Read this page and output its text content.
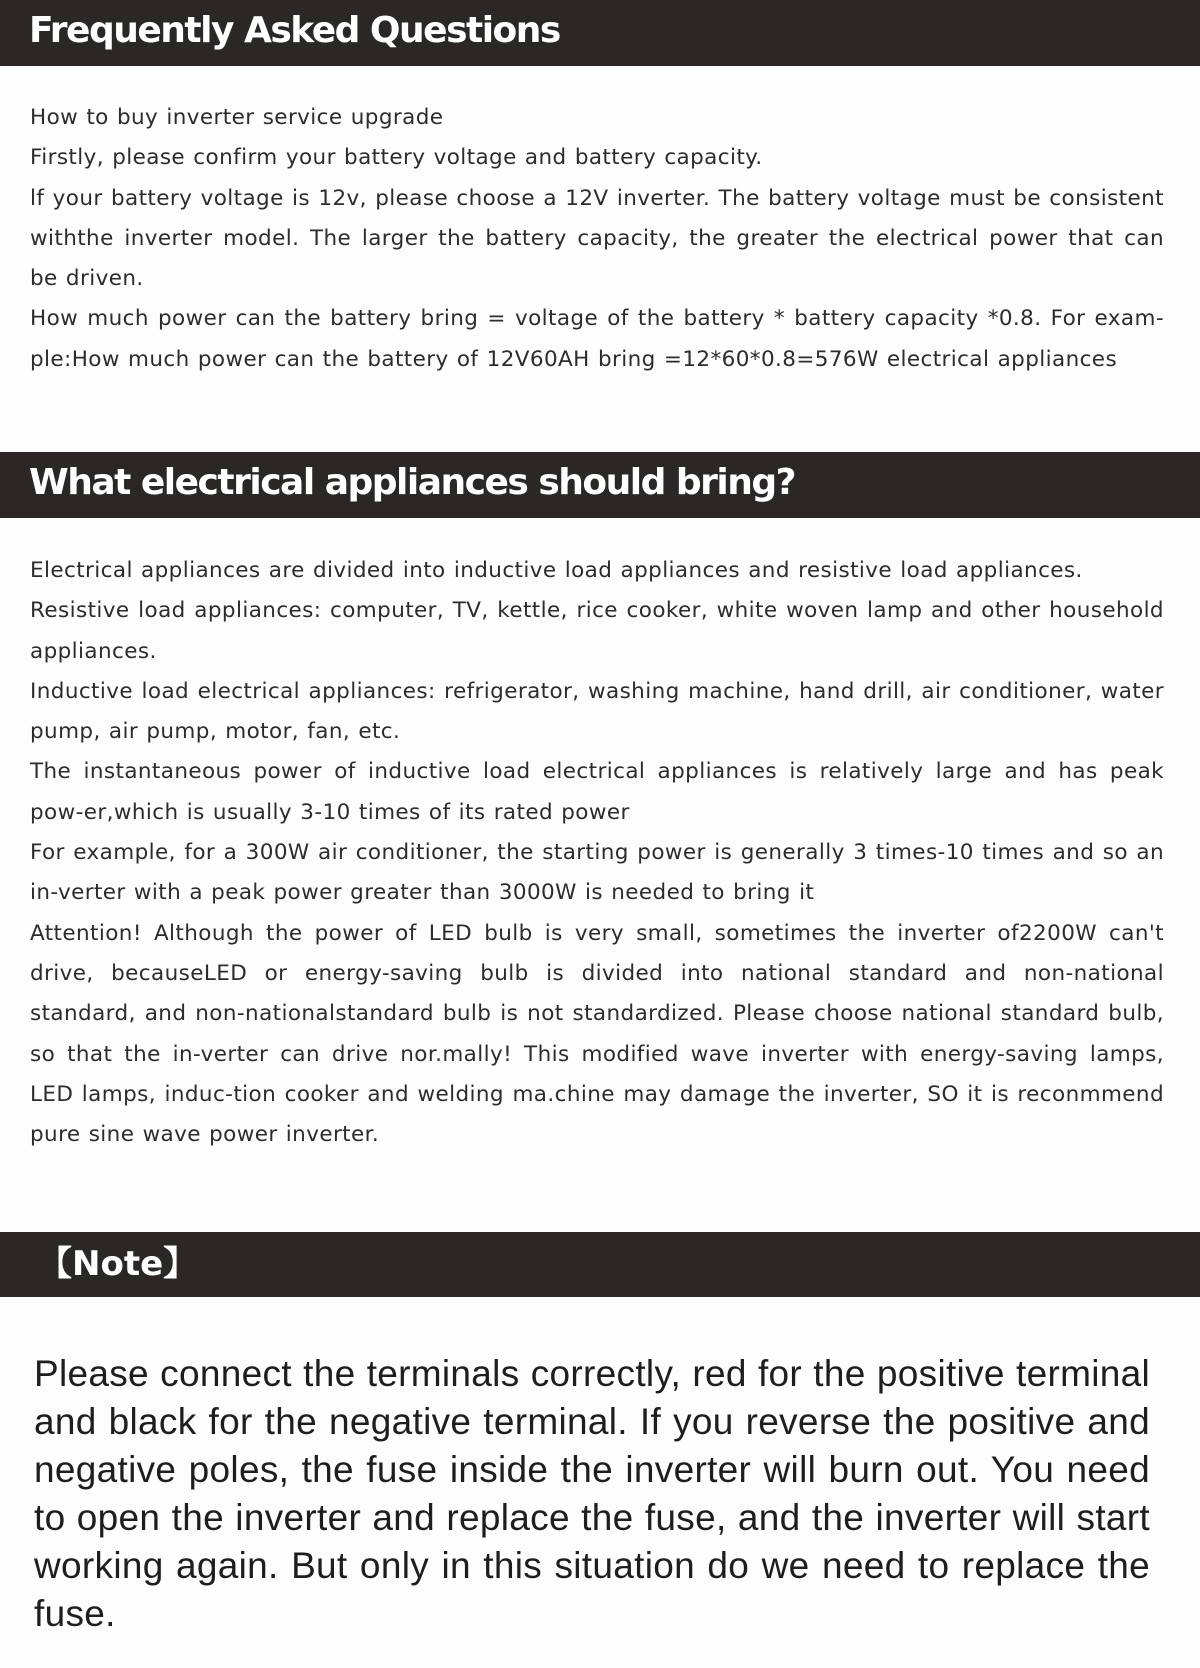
Frequently Asked Questions

How to buy inverter service upgrade

Firstly, please confirm your battery voltage and battery capacity.

lf your battery voltage is 12v, please choose a 12V inverter. The battery voltage must be consistent withthe inverter model. The larger the battery capacity, the greater the electrical power that can be driven.

How much power can the battery bring = voltage of the battery * battery capacity *0.8. For exam-ple:How much power can the battery of 12V60AH bring =12*60*0.8=576W electrical appliances

What electrical appliances should bring?

Electrical appliances are divided into inductive load appliances and resistive load appliances.

Resistive load appliances: computer, TV, kettle, rice cooker, white woven lamp and other household appliances.

Inductive load electrical appliances: refrigerator, washing machine, hand drill, air conditioner, water pump, air pump, motor, fan, etc.

The instantaneous power of inductive load electrical appliances is relatively large and has peak pow-er,which is usually 3-10 times of its rated power

For example, for a 300W air conditioner, the starting power is generally 3 times-10 times and so an in-verter with a peak power greater than 3000W is needed to bring it

Attention! Although the power of LED bulb is very small, sometimes the inverter of2200W can't drive, becauseLED or energy-saving bulb is divided into national standard and non-national standard, and non-nationalstandard bulb is not standardized. Please choose national standard bulb, so that the in-verter can drive nor.mally! This modified wave inverter with energy-saving lamps, LED lamps, induc-tion cooker and welding ma.chine may damage the inverter, SO it is reconmmend pure sine wave power inverter.

【Note】

Please connect the terminals correctly, red for the positive terminal and black for the negative terminal. If you reverse the positive and negative poles, the fuse inside the inverter will burn out. You need to open the inverter and replace the fuse, and the inverter will start working again. But only in this situation do we need to replace the fuse.
